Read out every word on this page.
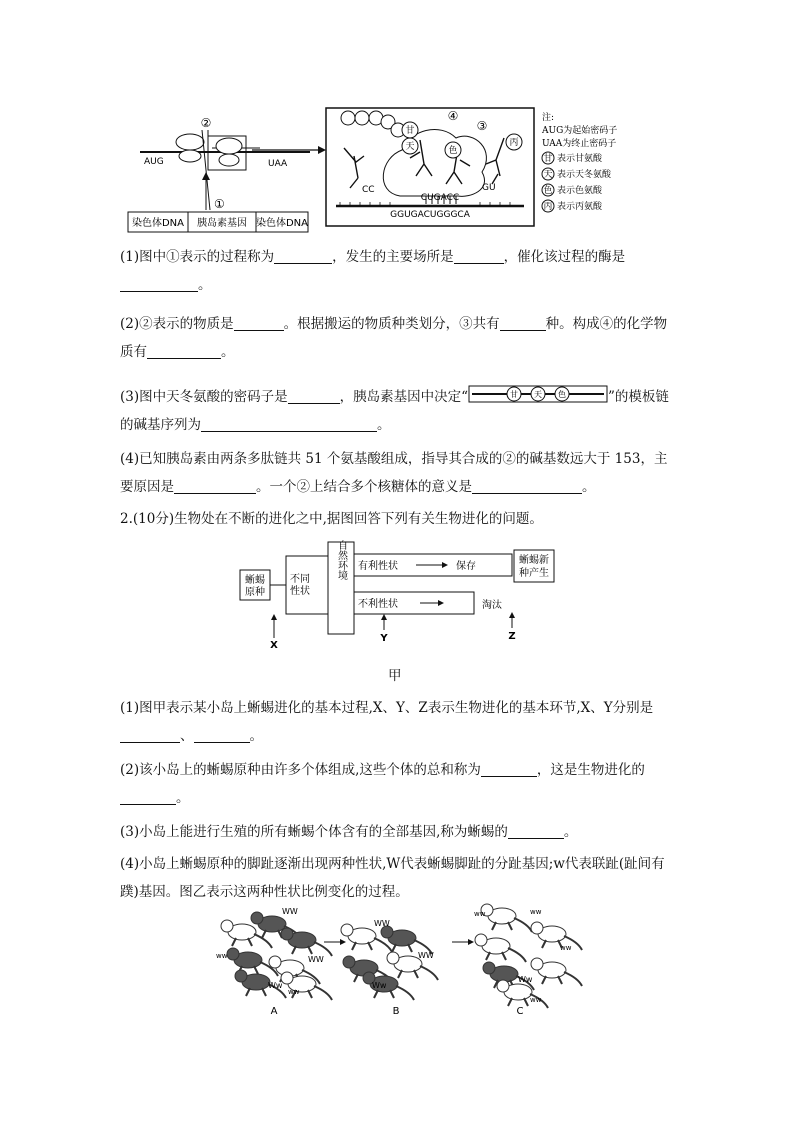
甘
天	色
丙
CC	GU
CUGACC
GGUGACUGGGCA
②	④
③
①
AUG	UAA
染色体DNA 胰岛素基因 染色体DNA
注:
AUG为起始密码子
UAA为终止密码子
甘 表示甘氨酸
天 表示天冬氨酸
色 表示色氨酸
丙 表示丙氨酸
(1)图中①表示的过程称为	，发生的主要场所是	，催化该过程的酶是
。
(2)②表示的物质是	。根据搬运的物质种类划分，③共有	种。构成④的化学物质有	。
(3)图中天冬氨酸的密码子是	，胰岛素基因中决定“	甘 天 色	”的模板链的碱基序列为	。
(4)已知胰岛素由两条多肽链共 51 个氨基酸组成，指导其合成的②的碱基数远大于 153，主要原因是	。一个②上结合多个核糖体的意义是	。
2.(10分)生物处在不断的进化之中,据图回答下列有关生物进化的问题。
蜥蜴
原种
不同
性状
自然环境 有利性状	保存
不利性状	淘汰
蜥蜴新
种产生
X
Y	Z
甲
(1)图甲表示某小岛上蜥蜴进化的基本过程,X、Y、Z表示生物进化的基本环节,X、Y分别是、	。
(2)该小岛上的蜥蜴原种由许多个体组成,这些个体的总和称为	，这是生物进化的。
(3)小岛上能进行生殖的所有蜥蜴个体含有的全部基因,称为蜥蜴的	。
(4)小岛上蜥蜴原种的脚趾逐渐出现两种性状,W代表蜥蜴脚趾的分趾基因;w代表联趾(趾间有蹼)基因。图乙表示这两种性状比例变化的过程。
WW
ww	WW
Ww
ww
WW
WW
Ww
ww	ww
ww
Ww
ww
A	B	C
